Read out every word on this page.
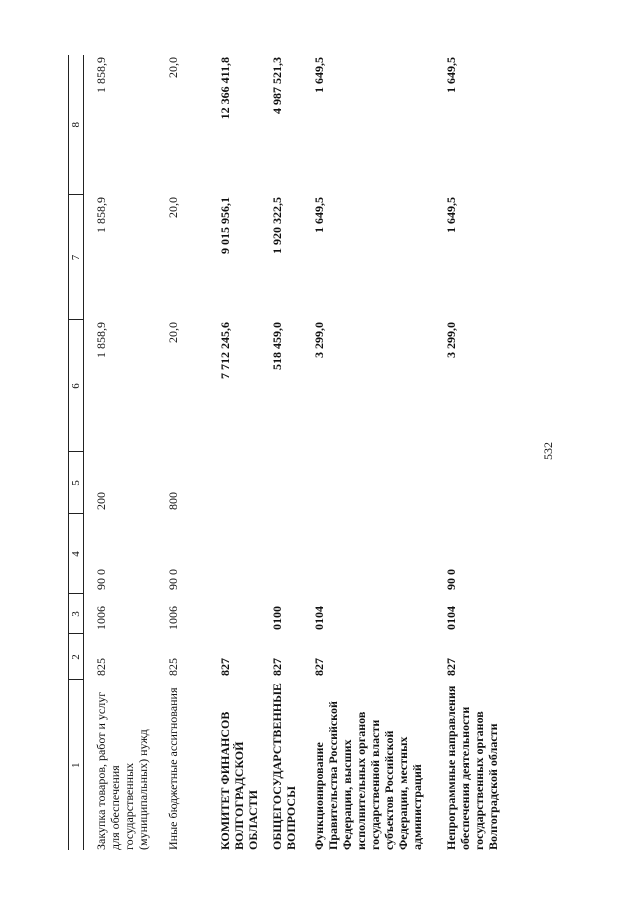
532
1	2	3	4	5	6	7	8
Закупка товаров, работ и услуг для обеспечения государственных (муниципальных) нужд	825	1006	90 0	200	1 858,9	1 858,9	1 858,9
Иные бюджетные ассигнования	825	1006	90 0	800	20,0	20,0	20,0
КОМИТЕТ ФИНАНСОВ ВОЛГОГРАДСКОЙ ОБЛАСТИ	827				7 712 245,6	9 015 956,1	12 366 411,8
ОБЩЕГОСУДАРСТВЕННЫЕ ВОПРОСЫ	827	0100			518 459,0	1 920 322,5	4 987 521,3
Функционирование Правительства Российской Федерации, высших исполнительных органов государственной власти субъектов Российской Федерации, местных администраций	827	0104			3 299,0	1 649,5	1 649,5
Непрограммные направления обеспечения деятельности государственных органов Волгоградской области	827	0104	90 0		3 299,0	1 649,5	1 649,5
